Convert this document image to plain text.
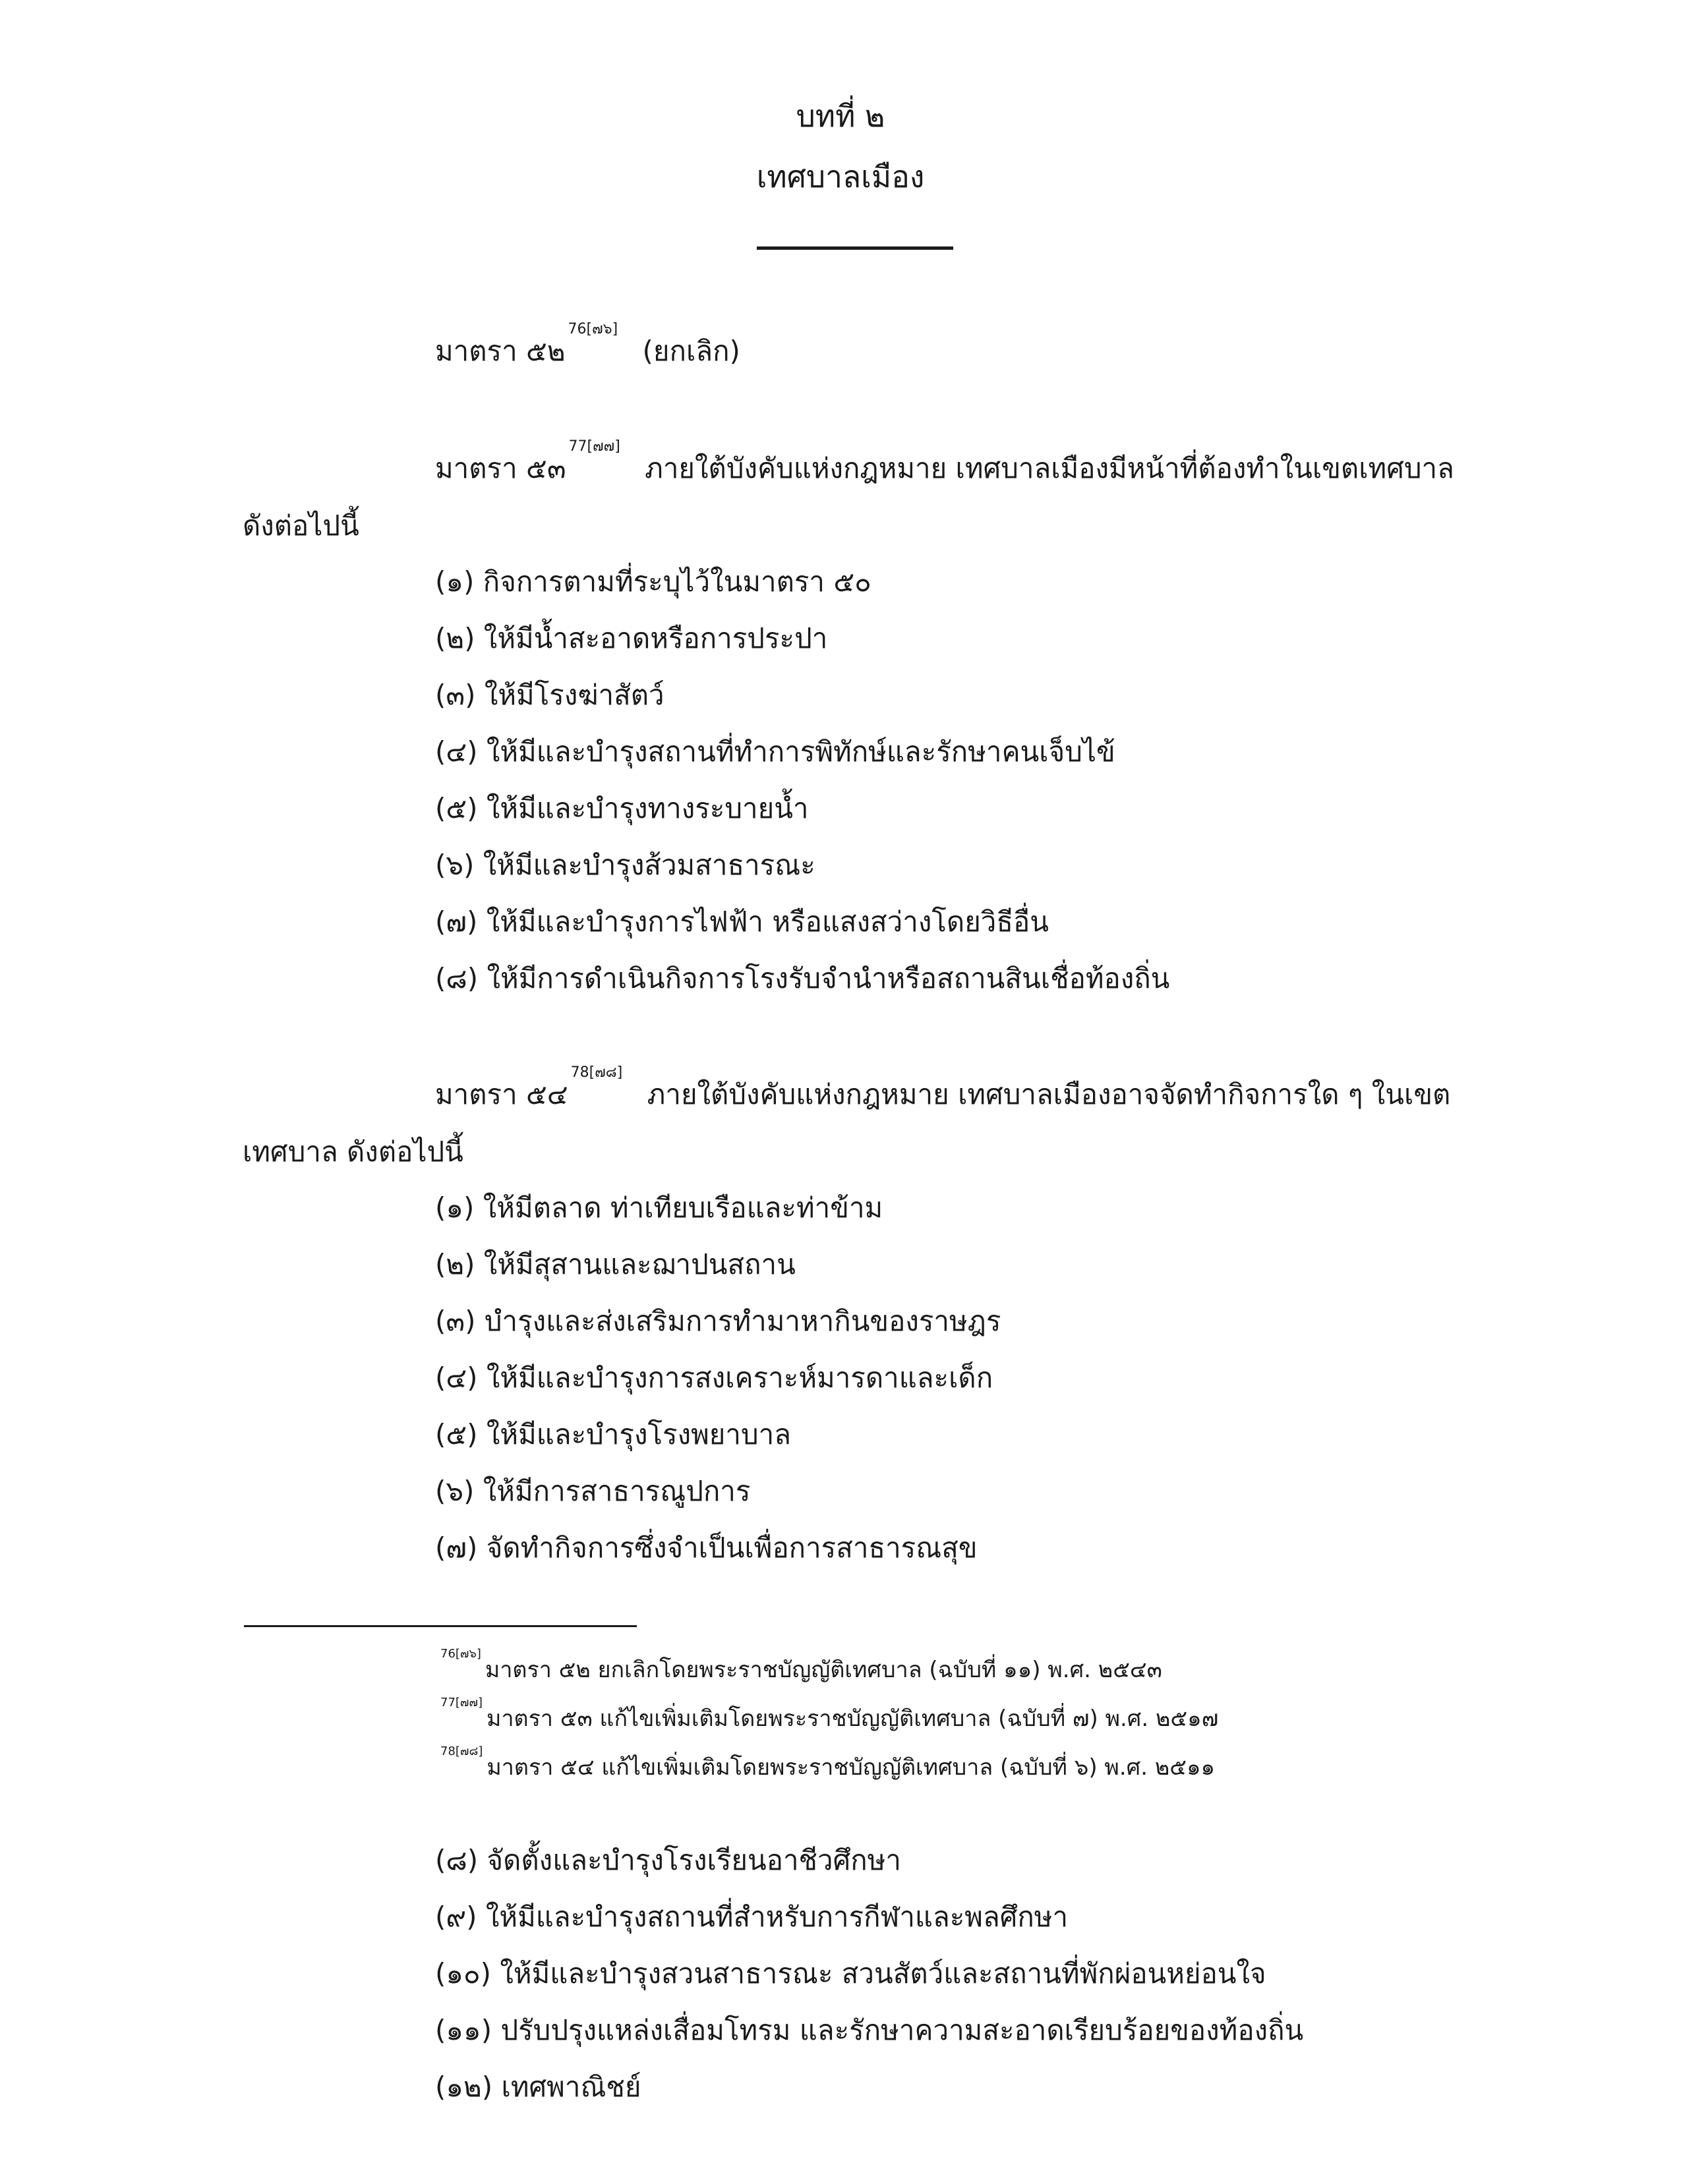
บทที่ ๒
เทศบาลเมือง
มาตรา ๕๒$^{76[๗๖]}$ (ยกเลิก)
มาตรา ๕๓$^{77[๗๗]}$ ภายใต้บังคับแห่งกฎหมาย เทศบาลเมืองมีหน้าที่ต้องทำในเขตเทศบาล
ดังต่อไปนี้
(๑) กิจการตามที่ระบุไว้ในมาตรา ๕๐
(๒) ให้มีน้ำสะอาดหรือการประปา
(๓) ให้มีโรงฆ่าสัตว์
(๔) ให้มีและบำรุงสถานที่ทำการพิทักษ์และรักษาคนเจ็บไข้
(๕) ให้มีและบำรุงทางระบายน้ำ
(๖) ให้มีและบำรุงส้วมสาธารณะ
(๗) ให้มีและบำรุงการไฟฟ้า หรือแสงสว่างโดยวิธีอื่น
(๘) ให้มีการดำเนินกิจการโรงรับจำนำหรือสถานสินเชื่อท้องถิ่น
มาตรา ๕๔$^{78[๗๘]}$ ภายใต้บังคับแห่งกฎหมาย เทศบาลเมืองอาจจัดทำกิจการใด ๆ ในเขต
เทศบาล ดังต่อไปนี้
(๑) ให้มีตลาด ท่าเทียบเรือและท่าข้าม
(๒) ให้มีสุสานและฌาปนสถาน
(๓) บำรุงและส่งเสริมการทำมาหากินของราษฎร
(๔) ให้มีและบำรุงการสงเคราะห์มารดาและเด็ก
(๕) ให้มีและบำรุงโรงพยาบาล
(๖) ให้มีการสาธารณูปการ
(๗) จัดทำกิจการซึ่งจำเป็นเพื่อการสาธารณสุข
$^{76[๗๖]}$มาตรา ๕๒ ยกเลิกโดยพระราชบัญญัติเทศบาล (ฉบับที่ ๑๑) พ.ศ. ๒๕๔๓
$^{77[๗๗]}$มาตรา ๕๓ แก้ไขเพิ่มเติมโดยพระราชบัญญัติเทศบาล (ฉบับที่ ๗) พ.ศ. ๒๕๑๗
$^{78[๗๘]}$มาตรา ๕๔ แก้ไขเพิ่มเติมโดยพระราชบัญญัติเทศบาล (ฉบับที่ ๖) พ.ศ. ๒๕๑๑
(๘) จัดตั้งและบำรุงโรงเรียนอาชีวศึกษา
(๙) ให้มีและบำรุงสถานที่สำหรับการกีฬาและพลศึกษา
(๑๐) ให้มีและบำรุงสวนสาธารณะ สวนสัตว์และสถานที่พักผ่อนหย่อนใจ
(๑๑) ปรับปรุงแหล่งเสื่อมโทรม และรักษาความสะอาดเรียบร้อยของท้องถิ่น
(๑๒) เทศพาณิชย์
